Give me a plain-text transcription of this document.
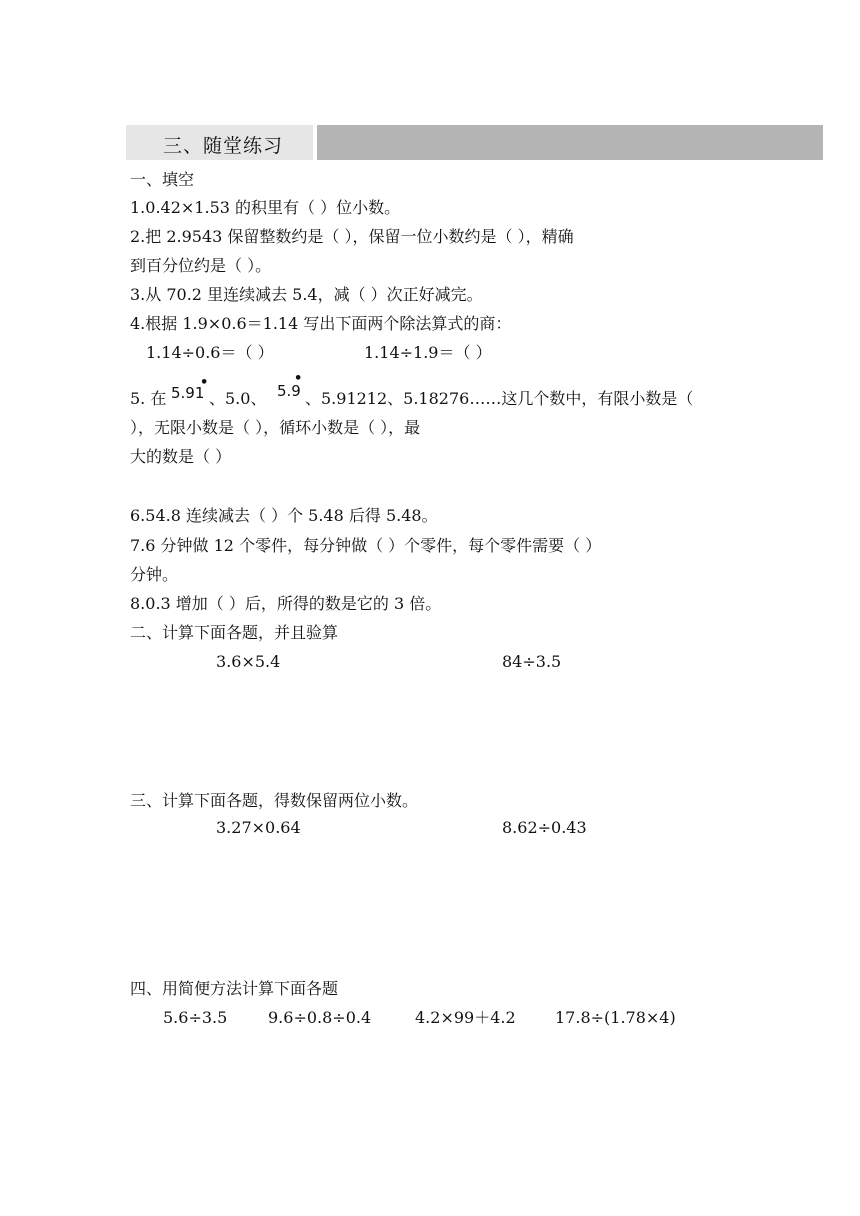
三、随堂练习
一、填空
1.0.42×1.53 的积里有（ ）位小数。
2.把 2.9543 保留整数约是（ ），保留一位小数约是（ ），精确
到百分位约是（ ）。
3.从 70.2 里连续减去 5.4，减（ ）次正好减完。
4.根据 1.9×0.6＝1.14 写出下面两个除法算式的商：
1.14÷0.6＝（ ）	1.14÷1.9＝（ ）
5. 在 5.91
•
、5.0、 5.9
•
、5.91212、5.18276……这几个数中，有限小数是（
），无限小数是（ ），循环小数是（ ），最
大的数是（ ）
6.54.8 连续减去（ ）个 5.48 后得 5.48。
7.6 分钟做 12 个零件，每分钟做（ ）个零件，每个零件需要（ ）
分钟。
8.0.3 增加（ ）后，所得的数是它的 3 倍。
二、计算下面各题，并且验算
3.6×5.4	84÷3.5
三、计算下面各题，得数保留两位小数。
3.27×0.64	8.62÷0.43
四、用简便方法计算下面各题
5.6÷3.5	9.6÷0.8÷0.4	4.2×99＋4.2 17.8÷(1.78×4)
